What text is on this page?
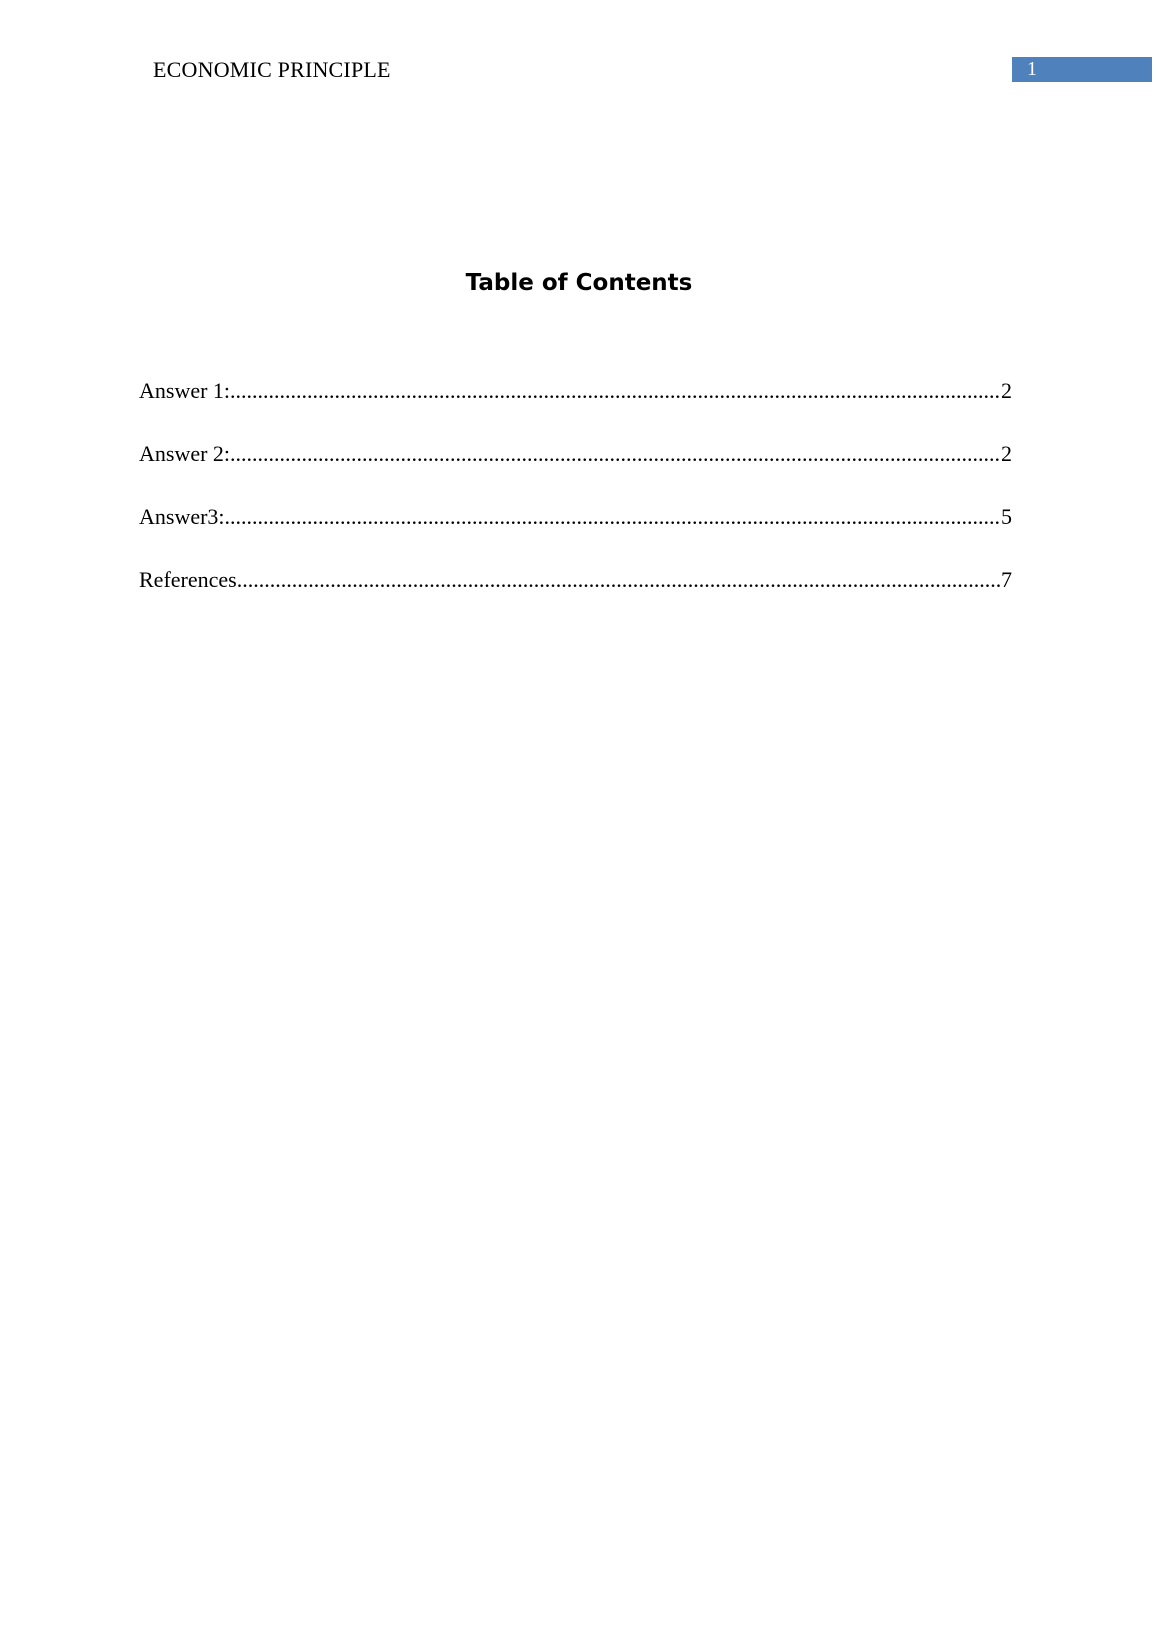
ECONOMIC PRINCIPLE	1
Table of Contents
Answer 1: .....	2
Answer 2: .....	2
Answer3: .....	5
References .....	7
